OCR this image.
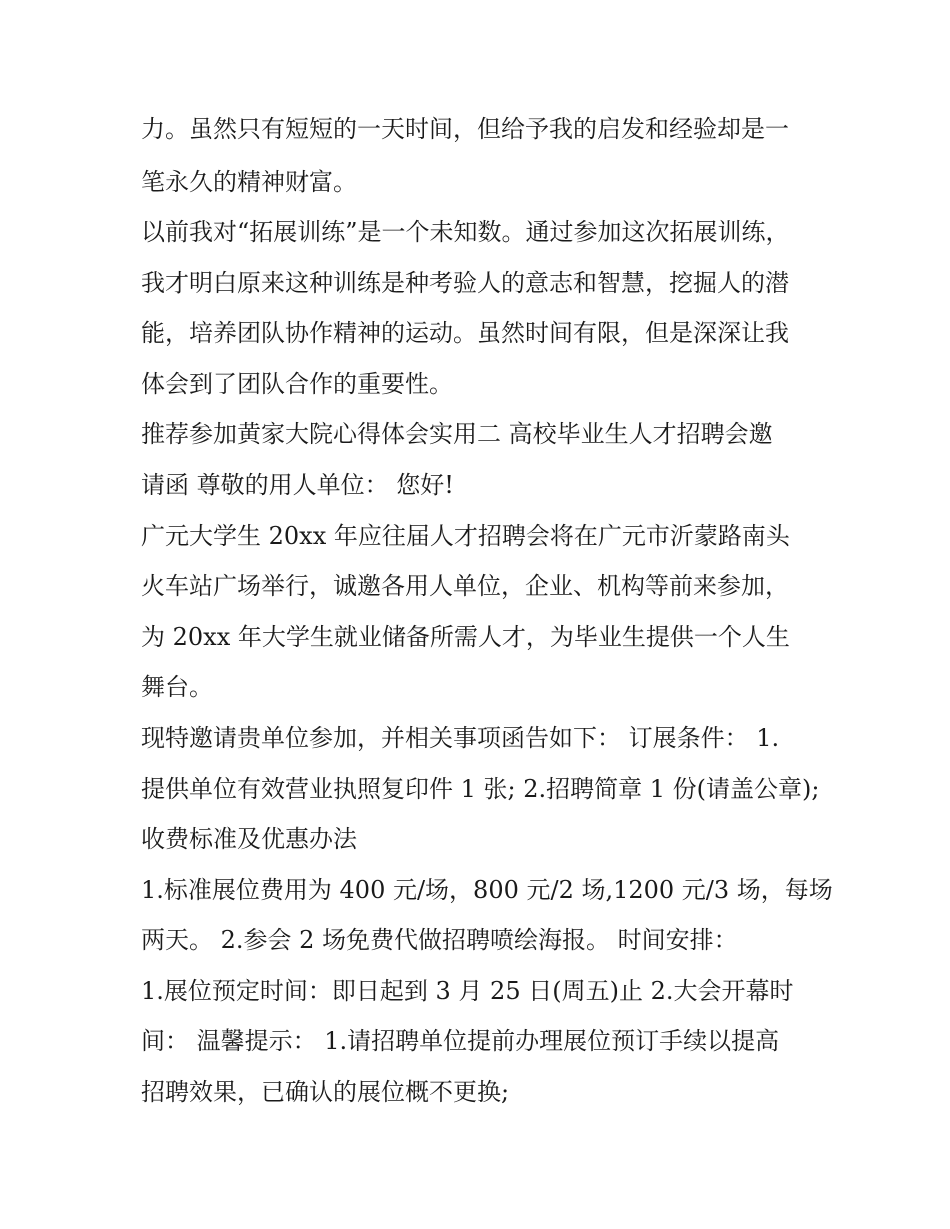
力。虽然只有短短的一天时间，但给予我的启发和经验却是一
笔永久的精神财富。
以前我对“拓展训练”是一个未知数。通过参加这次拓展训练，
我才明白原来这种训练是种考验人的意志和智慧，挖掘人的潜
能，培养团队协作精神的运动。虽然时间有限，但是深深让我
体会到了团队合作的重要性。
推荐参加黄家大院心得体会实用二 高校毕业生人才招聘会邀
请函 尊敬的用人单位： 您好!
广元大学生 20xx 年应往届人才招聘会将在广元市沂蒙路南头
火车站广场举行，诚邀各用人单位，企业、机构等前来参加，
为 20xx 年大学生就业储备所需人才，为毕业生提供一个人生
舞台。
现特邀请贵单位参加，并相关事项函告如下： 订展条件： 1.
提供单位有效营业执照复印件 1 张; 2.招聘简章 1 份(请盖公章);
收费标准及优惠办法
1.标准展位费用为 400 元/场，800 元/2 场,1200 元/3 场，每场
两天。 2.参会 2 场免费代做招聘喷绘海报。 时间安排：
1.展位预定时间：即日起到 3 月 25 日(周五)止 2.大会开幕时
间： 温馨提示： 1.请招聘单位提前办理展位预订手续以提高
招聘效果，已确认的展位概不更换;
